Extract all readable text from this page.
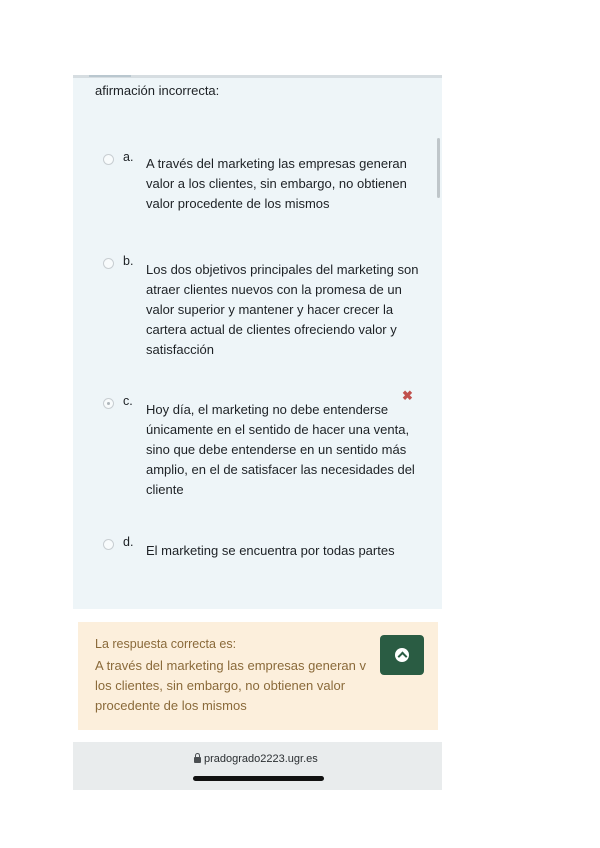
afirmación incorrecta:
a. A través del marketing las empresas generan valor a los clientes, sin embargo, no obtienen valor procedente de los mismos
b.
Los dos objetivos principales del marketing son atraer clientes nuevos con la promesa de un valor superior y mantener y hacer crecer la cartera actual de clientes ofreciendo valor y satisfacción
c.
Hoy día, el marketing no debe entenderse únicamente en el sentido de hacer una venta, sino que debe entenderse en un sentido más amplio, en el de satisfacer las necesidades del cliente
✖
d.
El marketing se encuentra por todas partes
La respuesta correcta es:
A través del marketing las empresas generan v
los clientes, sin embargo, no obtienen valor
procedente de los mismos
pradogrado2223.ugr.es
